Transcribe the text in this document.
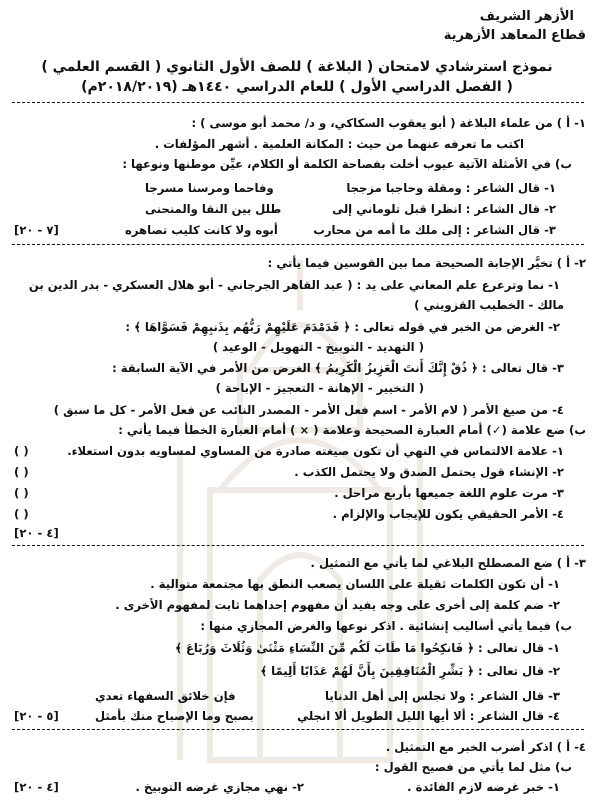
الأزهر الشريف
قطاع المعاهد الأزهرية
نموذج استرشادي لامتحان ( البلاغة ) للصف الأول الثانوي ( القسم العلمي )
( الفصل الدراسي الأول ) للعام الدراسي ١٤٤٠هـ (٢٠١٨/٢٠١٩م)
١- أ ) من علماء البلاغة ( أبو يعقوب السكاكي، و د/ محمد أبو موسى ) :
اكتب ما تعرفه عنهما من حيث : المكانة العلمية . أشهر المؤلفات .
ب) في الأمثلة الآتية عيوب أخلت بفصاحة الكلمة أو الكلام، عيِّن موطنها ونوعها :
١- قال الشاعر : ومقلة وحاجبا مزججا
وفاحما ومرسنا مسرجا
٢- قال الشاعر : انظرا قبل تلوماني إلى
طلل بين النقا والمنحنى
٣- قال الشاعر : إلى ملك ما أمه من محارب
أبوه ولا كانت كليب تصاهره
[٧ - ٢٠]
٢- أ ) تخيَّر الإجابة الصحيحة مما بين القوسين فيما يأتي :
١- نما وترعرع علم المعاني على يد : ( عبد القاهر الجرجاني - أبو هلال العسكري - بدر الدين بن
مالك - الخطيب القزويني )
٢- الغرض من الخبر في قوله تعالى : ﴿ فَدَمْدَمَ عَلَيْهِمْ رَبُّهُم بِذَنبِهِمْ فَسَوَّاهَا ﴾ :
( التهديد - التوبيخ - التهويل - الوعيد )
٣- قال تعالى : ﴿ ذُقْ إِنَّكَ أَنتَ الْعَزِيزُ الْكَرِيمُ ﴾ الغرض من الأمر في الآية السابقة :
( التخيير - الإهانة - التعجيز - الإباحة )
٤- من صيغ الأمر ( لام الأمر - اسم فعل الأمر - المصدر النائب عن فعل الأمر - كل ما سبق )
ب) ضع علامة (✓) أمام العبارة الصحيحة وعلامة ( × ) أمام العبارة الخطأ فيما يأتي :
١- علامة الالتماس في النهي أن تكون صيغته صادرة من المساوي لمساويه بدون استعلاء.
( )
٢- الإنشاء قول يحتمل الصدق ولا يحتمل الكذب .
( )
٣- مرت علوم اللغة جميعها بأربع مراحل .
( )
٤- الأمر الحقيقي يكون للإيجاب والإلزام .
( )
[٤ - ٢٠]
٣- أ ) ضع المصطلح البلاغي لما يأتي مع التمثيل .
١- أن تكون الكلمات ثقيلة على اللسان يصعب النطق بها مجتمعة متوالية .
٢- ضم كلمة إلى أخرى على وجه يفيد أن مفهوم إحداهما ثابت لمفهوم الأخرى .
ب) فيما يأتي أساليب إنشائية . اذكر نوعها والغرض المجازي منها :
١- قال تعالى : ﴿ فَانكِحُوا مَا طَابَ لَكُم مِّنَ النِّسَاءِ مَثْنَىٰ وَثُلَاثَ وَرُبَاعَ ﴾
٢- قال تعالى : ﴿ بَشِّرِ الْمُنَافِقِينَ بِأَنَّ لَهُمْ عَذَابًا أَلِيمًا ﴾
٣- قال الشاعر : ولا تجلس إلى أهل الدنايا
فإن خلائق السفهاء تعدي
٤- قال الشاعر : ألا أيها الليل الطويل ألا انجلي
بصبح وما الإصباح منك بأمثل
[٥ - ٢٠]
٤- أ ) اذكر أضرب الخبر مع التمثيل .
ب) مثل لما يأتي من فصيح القول :
١- خبر غرضه لازم الفائدة .
٢- نهي مجازي غرضه التوبيخ .
[٤ - ٢٠]
